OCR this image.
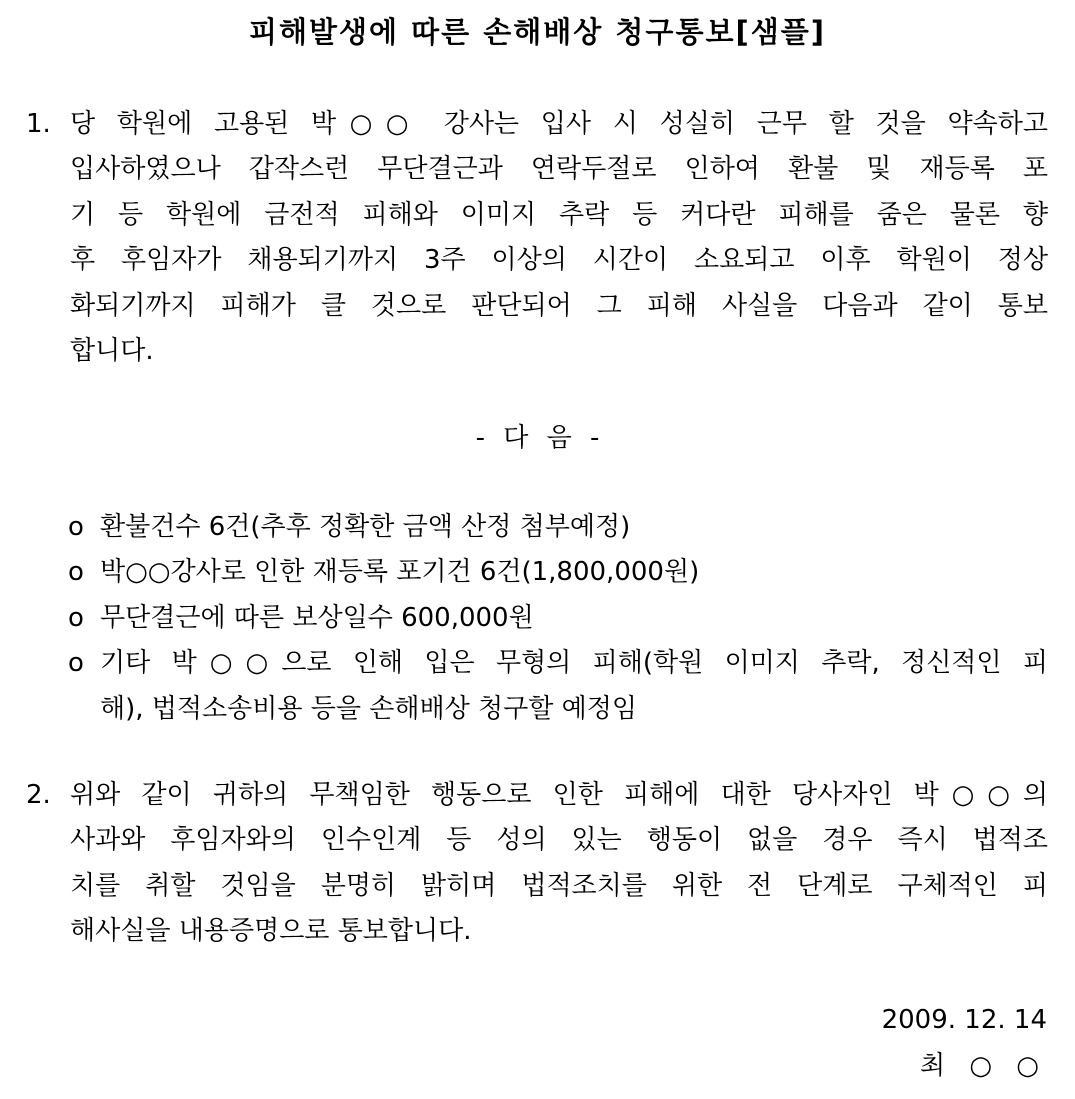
피해발생에 따른 손해배상 청구통보[샘플]
1. 당 학원에 고용된 박○○ 강사는 입사 시 성실히 근무 할 것을 약속하고
입사하였으나 갑작스런 무단결근과 연락두절로 인하여 환불 및 재등록 포
기 등 학원에 금전적 피해와 이미지 추락 등 커다란 피해를 줌은 물론 향
후 후임자가 채용되기까지 3주 이상의 시간이 소요되고 이후 학원이 정상
화되기까지 피해가 클 것으로 판단되어 그 피해 사실을 다음과 같이 통보
합니다.
- 다 음 -
o 환불건수 6건(추후 정확한 금액 산정 첨부예정)
o 박○○강사로 인한 재등록 포기건 6건(1,800,000원)
o 무단결근에 따른 보상일수 600,000원
o 기타 박○○으로 인해 입은 무형의 피해(학원 이미지 추락, 정신적인 피
해), 법적소송비용 등을 손해배상 청구할 예정임
2. 위와 같이 귀하의 무책임한 행동으로 인한 피해에 대한 당사자인 박○○의
사과와 후임자와의 인수인계 등 성의 있는 행동이 없을 경우 즉시 법적조
치를 취할 것임을 분명히 밝히며 법적조치를 위한 전 단계로 구체적인 피
해사실을 내용증명으로 통보합니다.
2009. 12. 14
최 ○ ○
